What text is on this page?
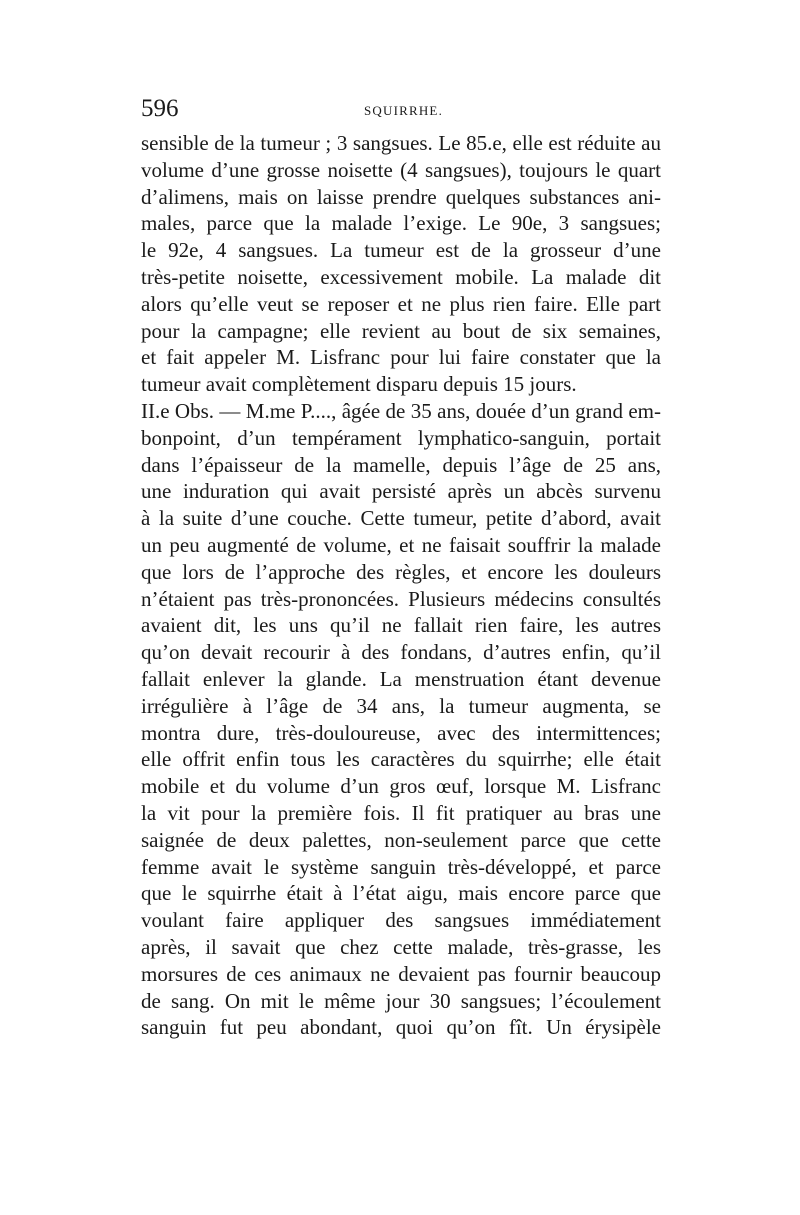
596	SQUIRRHE.
sensible de la tumeur ; 3 sangsues. Le 85.e, elle est réduite au
volume d’une grosse noisette (4 sangsues), toujours le quart
d’alimens, mais on laisse prendre quelques substances ani-
males, parce que la malade l’exige. Le 90e, 3 sangsues;
le 92e, 4 sangsues. La tumeur est de la grosseur d’une
très-petite noisette, excessivement mobile. La malade dit
alors qu’elle veut se reposer et ne plus rien faire. Elle part
pour la campagne; elle revient au bout de six semaines,
et fait appeler M. Lisfranc pour lui faire constater que la
tumeur avait complètement disparu depuis 15 jours.
II.e Obs. — M.me P...., âgée de 35 ans, douée d’un grand em-
bonpoint, d’un tempérament lymphatico-sanguin, portait
dans l’épaisseur de la mamelle, depuis l’âge de 25 ans,
une induration qui avait persisté après un abcès survenu
à la suite d’une couche. Cette tumeur, petite d’abord, avait
un peu augmenté de volume, et ne faisait souffrir la malade
que lors de l’approche des règles, et encore les douleurs
n’étaient pas très-prononcées. Plusieurs médecins consultés
avaient dit, les uns qu’il ne fallait rien faire, les autres
qu’on devait recourir à des fondans, d’autres enfin, qu’il
fallait enlever la glande. La menstruation étant devenue
irrégulière à l’âge de 34 ans, la tumeur augmenta, se
montra dure, très-douloureuse, avec des intermittences;
elle offrit enfin tous les caractères du squirrhe; elle était
mobile et du volume d’un gros œuf, lorsque M. Lisfranc
la vit pour la première fois. Il fit pratiquer au bras une
saignée de deux palettes, non-seulement parce que cette
femme avait le système sanguin très-développé, et parce
que le squirrhe était à l’état aigu, mais encore parce que
voulant faire appliquer des sangsues immédiatement
après, il savait que chez cette malade, très-grasse, les
morsures de ces animaux ne devaient pas fournir beaucoup
de sang. On mit le même jour 30 sangsues; l’écoulement
sanguin fut peu abondant, quoi qu’on fît. Un érysipèle
